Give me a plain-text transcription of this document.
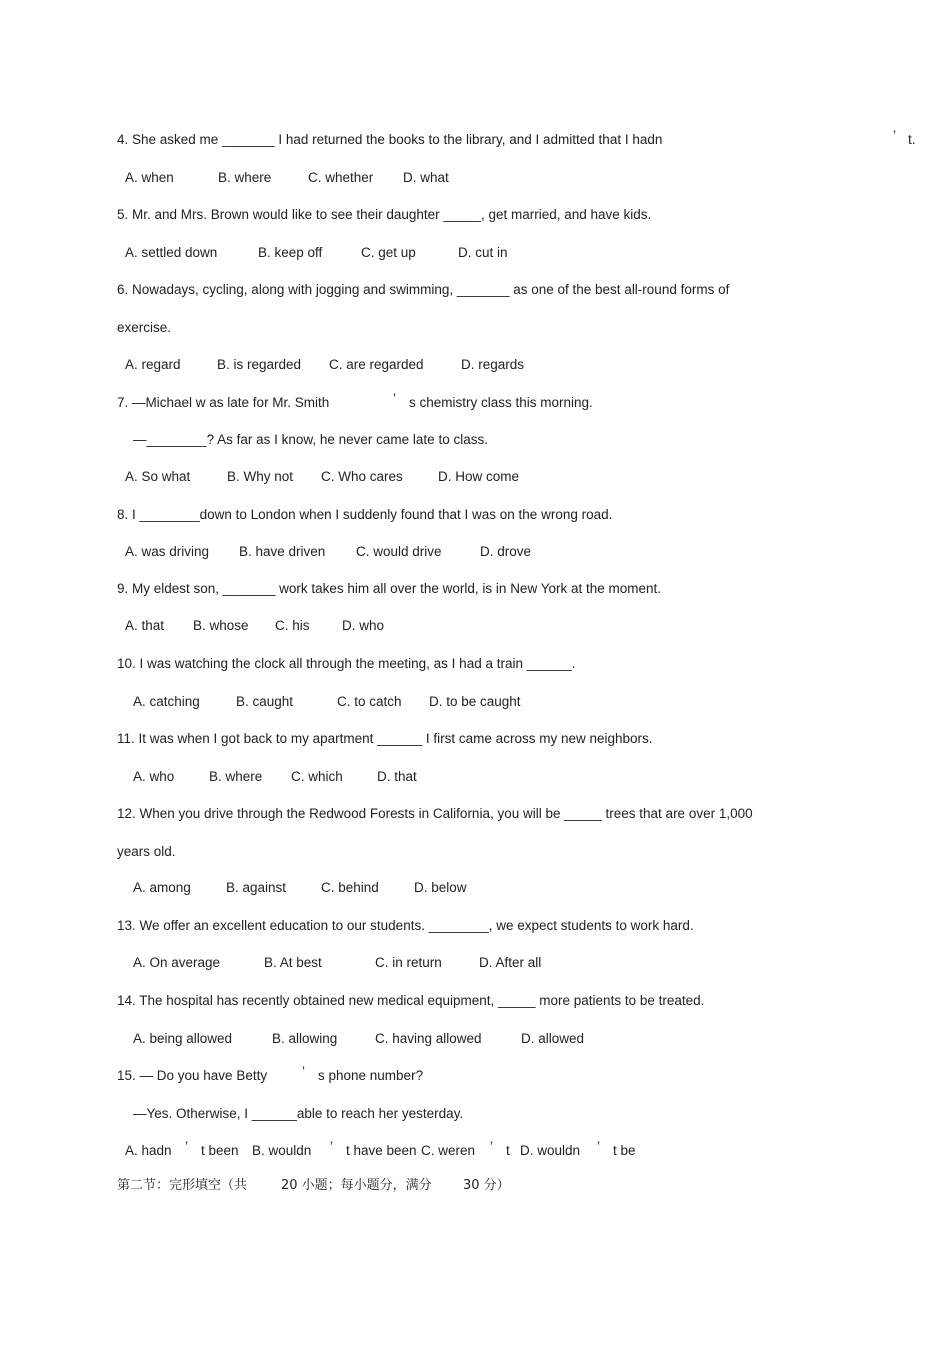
4. She asked me _______ I had returned the books to the library, and I admitted that I hadn	’ t.
A. when	B. where	C. whether D. what
5. Mr. and Mrs. Brown would like to see their daughter _____, get married, and have kids.
A. settled down	B. keep off	C. get up	D. cut in
6. Nowadays, cycling, along with jogging and swimming, _______ as one of the best all-round forms of
exercise.
A. regard	B. is regarded C. are regarded	D. regards
7. —Michael w as late for Mr. Smith	’ s chemistry class this morning.
—________? As far as I know, he never came late to class.
A. So what	B. Why not C. Who cares	D. How come
8. I ________down to London when I suddenly found that I was on the wrong road.
A. was driving B. have driven C. would drive	D. drove
9. My eldest son, _______ work takes him all over the world, is in New York at the moment.
A. that B. whose C. his D. who
10. I was watching the clock all through the meeting, as I had a train ______.
A. catching	B. caught	C. to catch D. to be caught
11. It was when I got back to my apartment ______ I first came across my new neighbors.
A. who	B. where C. which	D. that
12. When you drive through the Redwood Forests in California, you will be _____ trees that are over 1,000
years old.
A. among	B. against	C. behind	D. below
13. We offer an excellent education to our students. ________, we expect students to work hard.
A. On average	B. At best	C. in return	D. After all
14. The hospital has recently obtained new medical equipment, _____ more patients to be treated.
A. being allowed	B. allowing	C. having allowed	D. allowed
15. — Do you have Betty	’ s phone number?
—Yes. Otherwise, I ______able to reach her yesterday.
A. hadn ’ t been B. wouldn ’ t have been C. weren ’ t D. wouldn ’ t be
第二节：完形填空（共	20 小题；每小题分，满分 30 分）
